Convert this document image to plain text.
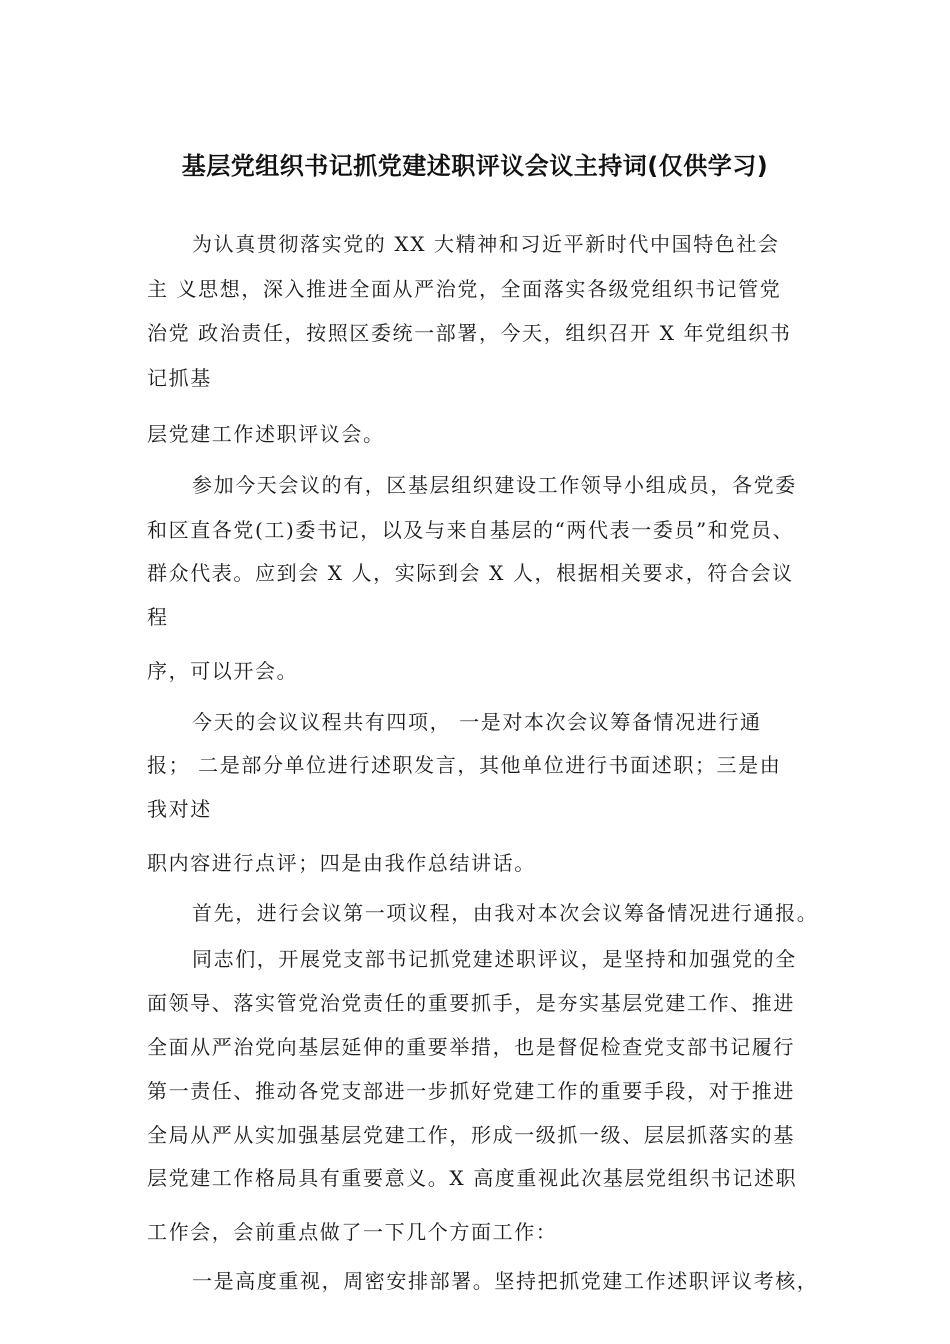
基层党组织书记抓党建述职评议会议主持词(仅供学习)
为认真贯彻落实党的 XX 大精神和习近平新时代中国特色社会
主 义思想，深入推进全面从严治党，全面落实各级党组织书记管党
治党 政治责任，按照区委统一部署，今天，组织召开 X 年党组织书
记抓基
层党建工作述职评议会。
参加今天会议的有，区基层组织建设工作领导小组成员，各党委
和区直各党(工)委书记，以及与来自基层的“两代表一委员”和党员、
群众代表。应到会 X 人，实际到会 X 人，根据相关要求，符合会议
程
序，可以开会。
今天的会议议程共有四项， 一是对本次会议筹备情况进行通
报； 二是部分单位进行述职发言，其他单位进行书面述职；三是由
我对述
职内容进行点评；四是由我作总结讲话。
首先，进行会议第一项议程，由我对本次会议筹备情况进行通报。
同志们，开展党支部书记抓党建述职评议，是坚持和加强党的全
面领导、落实管党治党责任的重要抓手，是夯实基层党建工作、推进
全面从严治党向基层延伸的重要举措，也是督促检查党支部书记履行
第一责任、推动各党支部进一步抓好党建工作的重要手段，对于推进
全局从严从实加强基层党建工作，形成一级抓一级、层层抓落实的基
层党建工作格局具有重要意义。X 高度重视此次基层党组织书记述职
工作会，会前重点做了一下几个方面工作：
一是高度重视，周密安排部署。坚持把抓党建工作述职评议考核，
